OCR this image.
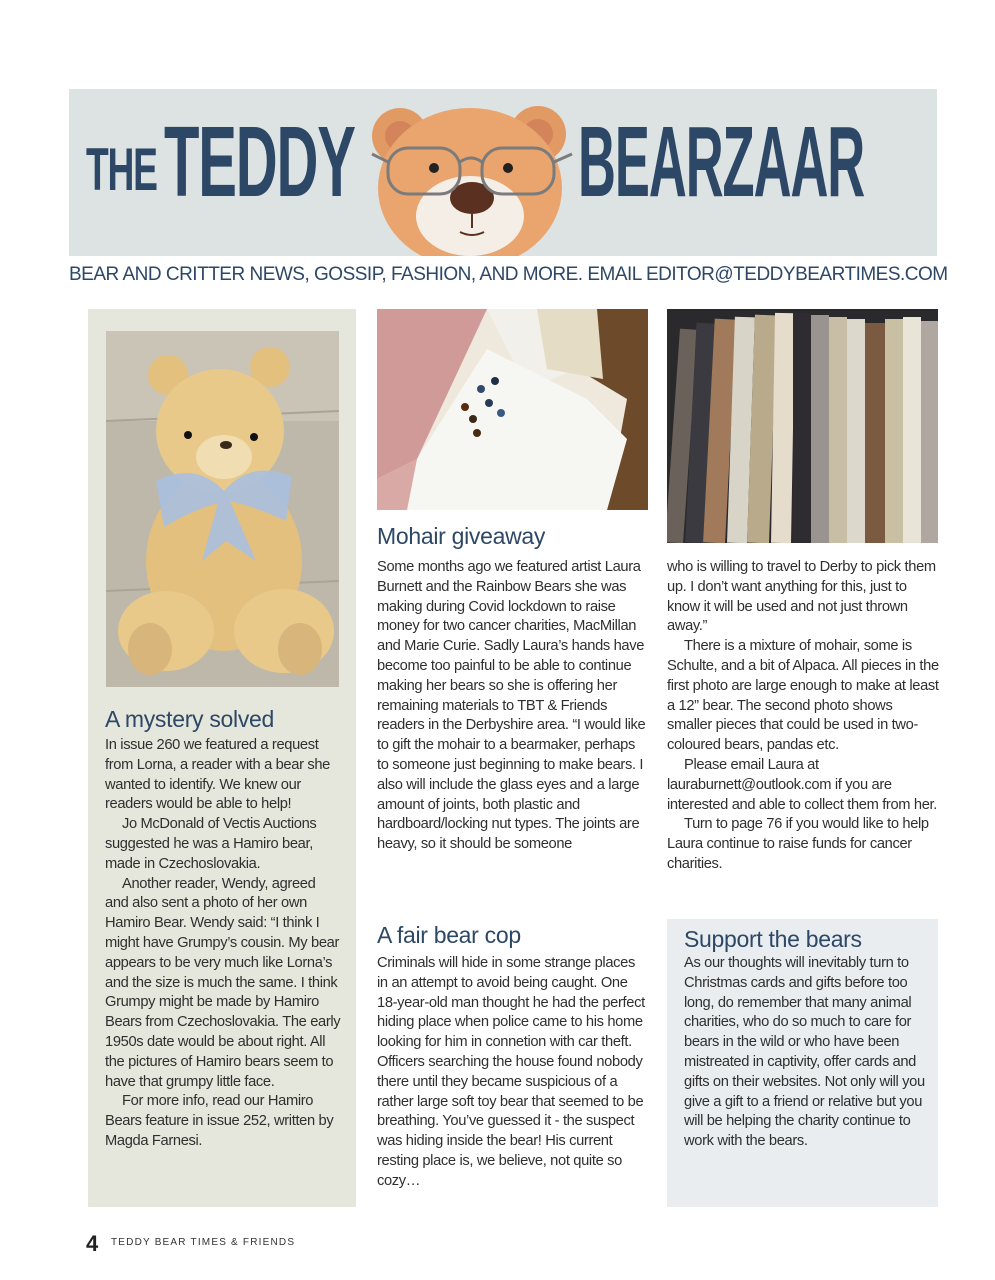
THE TEDDY BEARZAAR
BEAR AND CRITTER NEWS, GOSSIP, FASHION, AND MORE. EMAIL EDITOR@TEDDYBEARTIMES.COM
A mystery solved

In issue 260 we featured a request from Lorna, a reader with a bear she wanted to identify. We knew our readers would be able to help!

Jo McDonald of Vectis Auctions suggested he was a Hamiro bear, made in Czechoslovakia.

Another reader, Wendy, agreed and also sent a photo of her own Hamiro Bear. Wendy said: “I think I might have Grumpy’s cousin. My bear appears to be very much like Lorna’s and the size is much the same. I think Grumpy might be made by Hamiro Bears from Czechoslovakia. The early 1950s date would be about right. All the pictures of Hamiro bears seem to have that grumpy little face.

For more info, read our Hamiro Bears feature in issue 252, written by Magda Farnesi.

Mohair giveaway

Some months ago we featured artist Laura Burnett and the Rainbow Bears she was making during Covid lockdown to raise money for two cancer charities, MacMillan and Marie Curie. Sadly Laura’s hands have become too painful to be able to continue making her bears so she is offering her remaining materials to TBT & Friends readers in the Derbyshire area. “I would like to gift the mohair to a bearmaker, perhaps to someone just beginning to make bears. I also will include the glass eyes and a large amount of joints, both plastic and hardboard/locking nut types. The joints are heavy, so it should be someone

who is willing to travel to Derby to pick them up. I don’t want anything for this, just to know it will be used and not just thrown away.”

There is a mixture of mohair, some is Schulte, and a bit of Alpaca. All pieces in the first photo are large enough to make at least a 12” bear. The second photo shows smaller pieces that could be used in two-coloured bears, pandas etc.

Please email Laura at lauraburnett@outlook.com if you are interested and able to collect them from her.

Turn to page 76 if you would like to help Laura continue to raise funds for cancer charities.

A fair bear cop

Criminals will hide in some strange places in an attempt to avoid being caught. One 18-year-old man thought he had the perfect hiding place when police came to his home looking for him in connetion with car theft. Officers searching the house found nobody there until they became suspicious of a rather large soft toy bear that seemed to be breathing. You’ve guessed it - the suspect was hiding inside the bear! His current resting place is, we believe, not quite so cozy…

Support the bears

As our thoughts will inevitably turn to Christmas cards and gifts before too long, do remember that many animal charities, who do so much to care for bears in the wild or who have been mistreated in captivity, offer cards and gifts on their websites. Not only will you give a gift to a friend or relative but you will be helping the charity continue to work with the bears.

4 TEDDY BEAR TIMES & FRIENDS
